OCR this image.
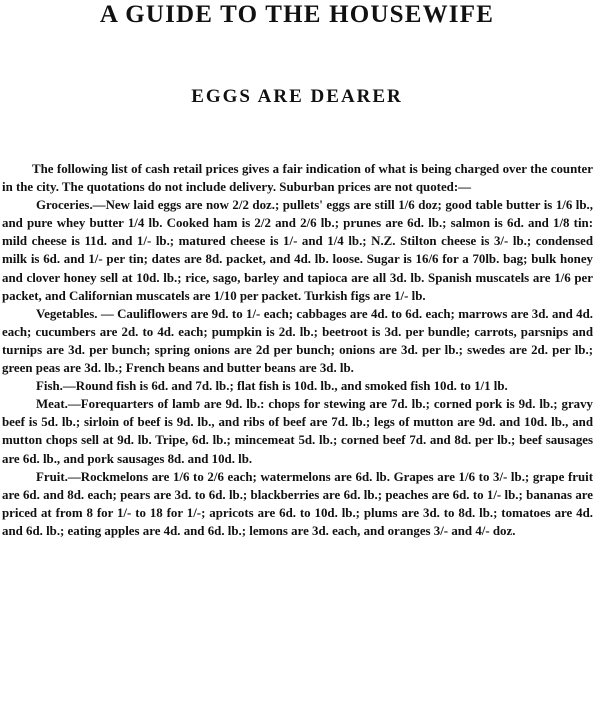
A GUIDE TO THE HOUSEWIFE
EGGS ARE DEARER

The following list of cash retail prices gives a fair indication of what is being charged over the counter in the city. The quotations do not include delivery. Suburban prices are not quoted:—

Groceries.—New laid eggs are now 2/2 doz.; pullets' eggs are still 1/6 doz; good table butter is 1/6 lb., and pure whey butter 1/4 lb. Cooked ham is 2/2 and 2/6 lb.; prunes are 6d. lb.; salmon is 6d. and 1/8 tin: mild cheese is 11d. and 1/- lb.; matured cheese is 1/- and 1/4 lb.; N.Z. Stilton cheese is 3/- lb.; condensed milk is 6d. and 1/- per tin; dates are 8d. packet, and 4d. lb. loose. Sugar is 16/6 for a 70lb. bag; bulk honey and clover honey sell at 10d. lb.; rice, sago, barley and tapioca are all 3d. lb. Spanish muscatels are 1/6 per packet, and Californian muscatels are 1/10 per packet. Turkish figs are 1/- lb.

Vegetables. — Cauliflowers are 9d. to 1/- each; cabbages are 4d. to 6d. each; marrows are 3d. and 4d. each; cucumbers are 2d. to 4d. each; pumpkin is 2d. lb.; beetroot is 3d. per bundle; carrots, parsnips and turnips are 3d. per bunch; spring onions are 2d per bunch; onions are 3d. per lb.; swedes are 2d. per lb.; green peas are 3d. lb.; French beans and butter beans are 3d. lb.

Fish.—Round fish is 6d. and 7d. lb.; flat fish is 10d. lb., and smoked fish 10d. to 1/1 lb.

Meat.—Forequarters of lamb are 9d. lb.: chops for stewing are 7d. lb.; corned pork is 9d. lb.; gravy beef is 5d. lb.; sirloin of beef is 9d. lb., and ribs of beef are 7d. lb.; legs of mutton are 9d. and 10d. lb., and mutton chops sell at 9d. lb. Tripe, 6d. lb.; mincemeat 5d. lb.; corned beef 7d. and 8d. per lb.; beef sausages are 6d. lb., and pork sausages 8d. and 10d. lb.

Fruit.—Rockmelons are 1/6 to 2/6 each; watermelons are 6d. lb. Grapes are 1/6 to 3/- lb.; grape fruit are 6d. and 8d. each; pears are 3d. to 6d. lb.; blackberries are 6d. lb.; peaches are 6d. to 1/- lb.; bananas are priced at from 8 for 1/- to 18 for 1/-; apricots are 6d. to 10d. lb.; plums are 3d. to 8d. lb.; tomatoes are 4d. and 6d. lb.; eating apples are 4d. and 6d. lb.; lemons are 3d. each, and oranges 3/- and 4/- doz.
